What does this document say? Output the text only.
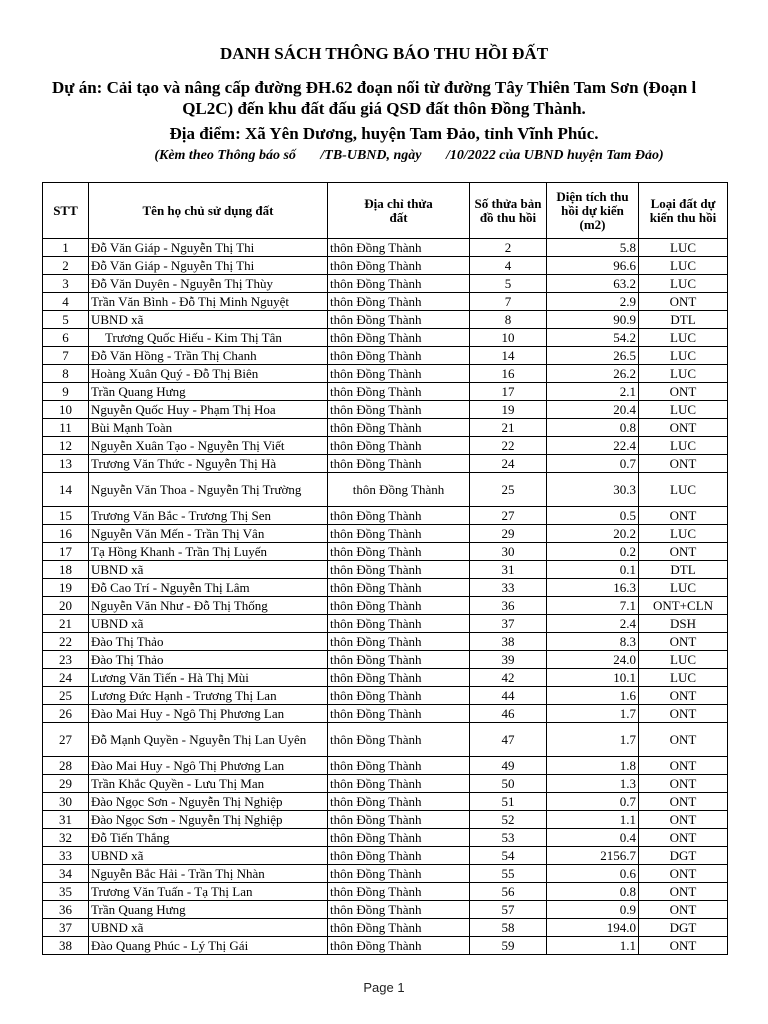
DANH SÁCH THÔNG BÁO THU HỒI ĐẤT
Dự án: Cải tạo và nâng cấp đường ĐH.62 đoạn nối từ đường Tây Thiên Tam Sơn (Đoạn l
QL2C) đến khu đất đấu giá QSD đất thôn Đồng Thành.
Địa điểm: Xã Yên Dương, huyện Tam Đảo, tỉnh Vĩnh Phúc.
(Kèm theo Thông báo số       /TB-UBND, ngày       /10/2022 của UBND huyện Tam Đảo)
STT	Tên họ chủ sử dụng đất	Địa chỉ thửa đất	Số thửa bản đồ thu hồi	Diện tích thu hồi dự kiến (m2)	Loại đất dự kiến thu hồi
1	Đỗ Văn Giáp - Nguyễn Thị Thi	thôn Đồng Thành	2	5.8	LUC
2	Đỗ Văn Giáp - Nguyễn Thị Thi	thôn Đồng Thành	4	96.6	LUC
3	Đỗ Văn Duyên - Nguyễn Thị Thùy	thôn Đồng Thành	5	63.2	LUC
4	Trần Văn Bình - Đỗ Thị Minh Nguyệt	thôn Đồng Thành	7	2.9	ONT
5	UBND xã	thôn Đồng Thành	8	90.9	DTL
6	Trương Quốc Hiếu - Kim Thị Tân	thôn Đồng Thành	10	54.2	LUC
7	Đỗ Văn Hồng - Trần Thị Chanh	thôn Đồng Thành	14	26.5	LUC
8	Hoàng Xuân Quý - Đỗ Thị Biên	thôn Đồng Thành	16	26.2	LUC
9	Trần Quang Hưng	thôn Đồng Thành	17	2.1	ONT
10	Nguyễn Quốc Huy - Phạm Thị Hoa	thôn Đồng Thành	19	20.4	LUC
11	Bùi Mạnh Toàn	thôn Đồng Thành	21	0.8	ONT
12	Nguyễn Xuân Tạo - Nguyễn Thị Viết	thôn Đồng Thành	22	22.4	LUC
13	Trương Văn Thức - Nguyễn Thị Hà	thôn Đồng Thành	24	0.7	ONT
14	Nguyễn Văn Thoa - Nguyễn Thị Trường	thôn Đồng Thành	25	30.3	LUC
15	Trương Văn Bắc - Trương Thị Sen	thôn Đồng Thành	27	0.5	ONT
16	Nguyễn Văn Mến - Trần Thị Vân	thôn Đồng Thành	29	20.2	LUC
17	Tạ Hồng Khanh - Trần Thị Luyến	thôn Đồng Thành	30	0.2	ONT
18	UBND xã	thôn Đồng Thành	31	0.1	DTL
19	Đỗ Cao Trí - Nguyễn Thị Lâm	thôn Đồng Thành	33	16.3	LUC
20	Nguyễn Văn Như - Đỗ Thị Thống	thôn Đồng Thành	36	7.1	ONT+CLN
21	UBND xã	thôn Đồng Thành	37	2.4	DSH
22	Đào Thị Thảo	thôn Đồng Thành	38	8.3	ONT
23	Đào Thị Thảo	thôn Đồng Thành	39	24.0	LUC
24	Lương Văn Tiến - Hà Thị Mùi	thôn Đồng Thành	42	10.1	LUC
25	Lương Đức Hạnh - Trương Thị Lan	thôn Đồng Thành	44	1.6	ONT
26	Đào Mai Huy - Ngô Thị Phương Lan	thôn Đồng Thành	46	1.7	ONT
27	Đỗ Mạnh Quyền - Nguyễn Thị Lan Uyên	thôn Đồng Thành	47	1.7	ONT
28	Đào Mai Huy - Ngô Thị Phương Lan	thôn Đồng Thành	49	1.8	ONT
29	Trần Khắc Quyền - Lưu Thị Man	thôn Đồng Thành	50	1.3	ONT
30	Đào Ngọc Sơn - Nguyễn Thị Nghiệp	thôn Đồng Thành	51	0.7	ONT
31	Đào Ngọc Sơn - Nguyễn Thị Nghiệp	thôn Đồng Thành	52	1.1	ONT
32	Đỗ Tiến Thắng	thôn Đồng Thành	53	0.4	ONT
33	UBND xã	thôn Đồng Thành	54	2156.7	DGT
34	Nguyễn Bắc Hải - Trần Thị Nhàn	thôn Đồng Thành	55	0.6	ONT
35	Trương Văn Tuấn - Tạ Thị Lan	thôn Đồng Thành	56	0.8	ONT
36	Trần Quang Hưng	thôn Đồng Thành	57	0.9	ONT
37	UBND xã	thôn Đồng Thành	58	194.0	DGT
38	Đào Quang Phúc - Lý Thị Gái	thôn Đồng Thành	59	1.1	ONT
Page 1
